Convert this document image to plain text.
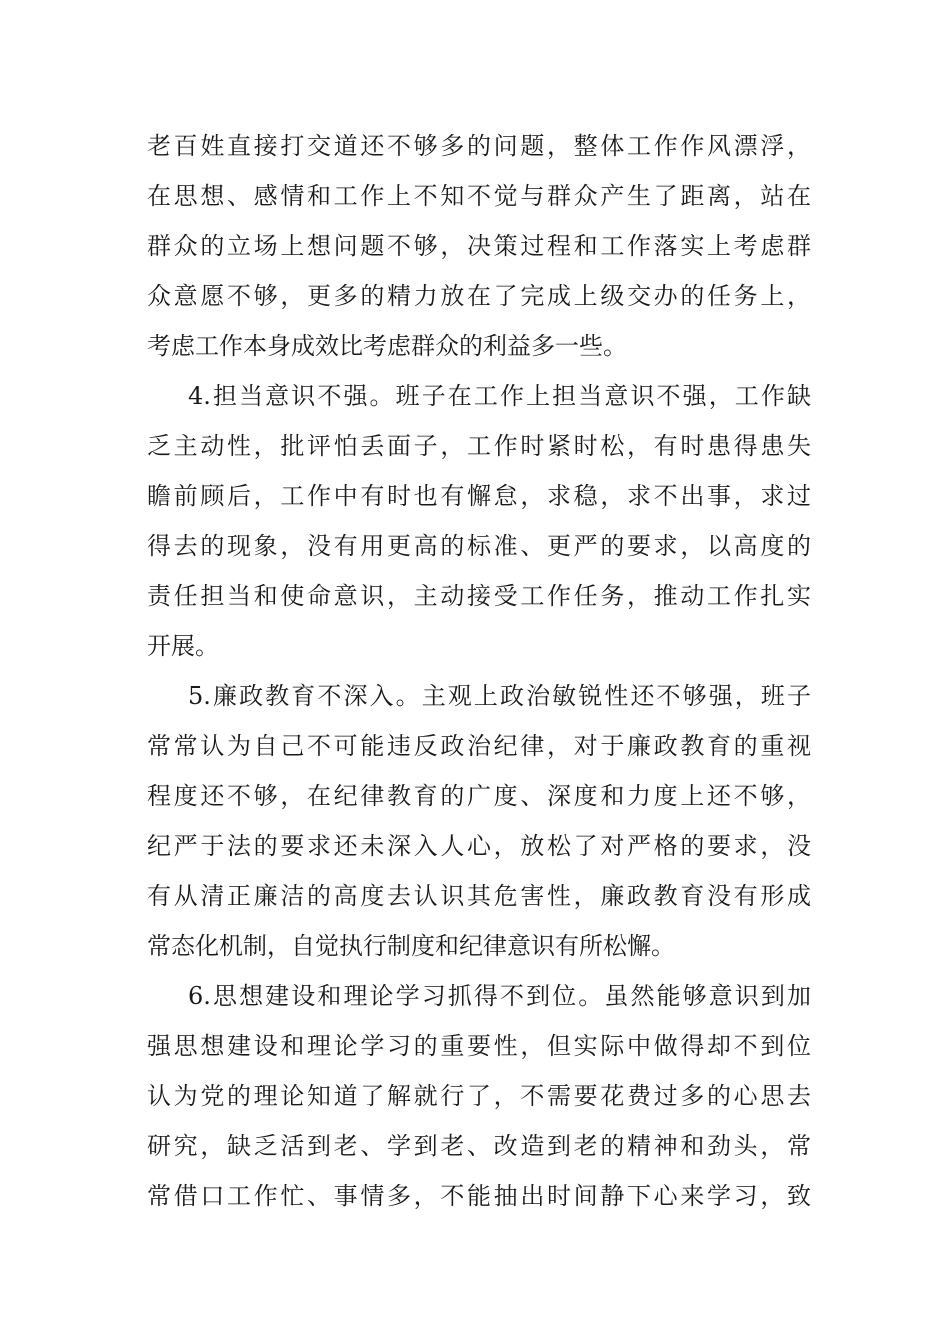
老百姓直接打交道还不够多的问题，整体工作作风漂浮，
在思想、感情和工作上不知不觉与群众产生了距离，站在
群众的立场上想问题不够，决策过程和工作落实上考虑群
众意愿不够，更多的精力放在了完成上级交办的任务上，
考虑工作本身成效比考虑群众的利益多一些。
4.担当意识不强。班子在工作上担当意识不强，工作缺
乏主动性，批评怕丢面子，工作时紧时松，有时患得患失
瞻前顾后，工作中有时也有懈怠，求稳，求不出事，求过
得去的现象，没有用更高的标准、更严的要求，以高度的
责任担当和使命意识，主动接受工作任务，推动工作扎实
开展。
5.廉政教育不深入。主观上政治敏锐性还不够强，班子
常常认为自己不可能违反政治纪律，对于廉政教育的重视
程度还不够，在纪律教育的广度、深度和力度上还不够，
纪严于法的要求还未深入人心，放松了对严格的要求，没
有从清正廉洁的高度去认识其危害性，廉政教育没有形成
常态化机制，自觉执行制度和纪律意识有所松懈。
6.思想建设和理论学习抓得不到位。虽然能够意识到加
强思想建设和理论学习的重要性，但实际中做得却不到位
认为党的理论知道了解就行了，不需要花费过多的心思去
研究，缺乏活到老、学到老、改造到老的精神和劲头，常
常借口工作忙、事情多，不能抽出时间静下心来学习，致
